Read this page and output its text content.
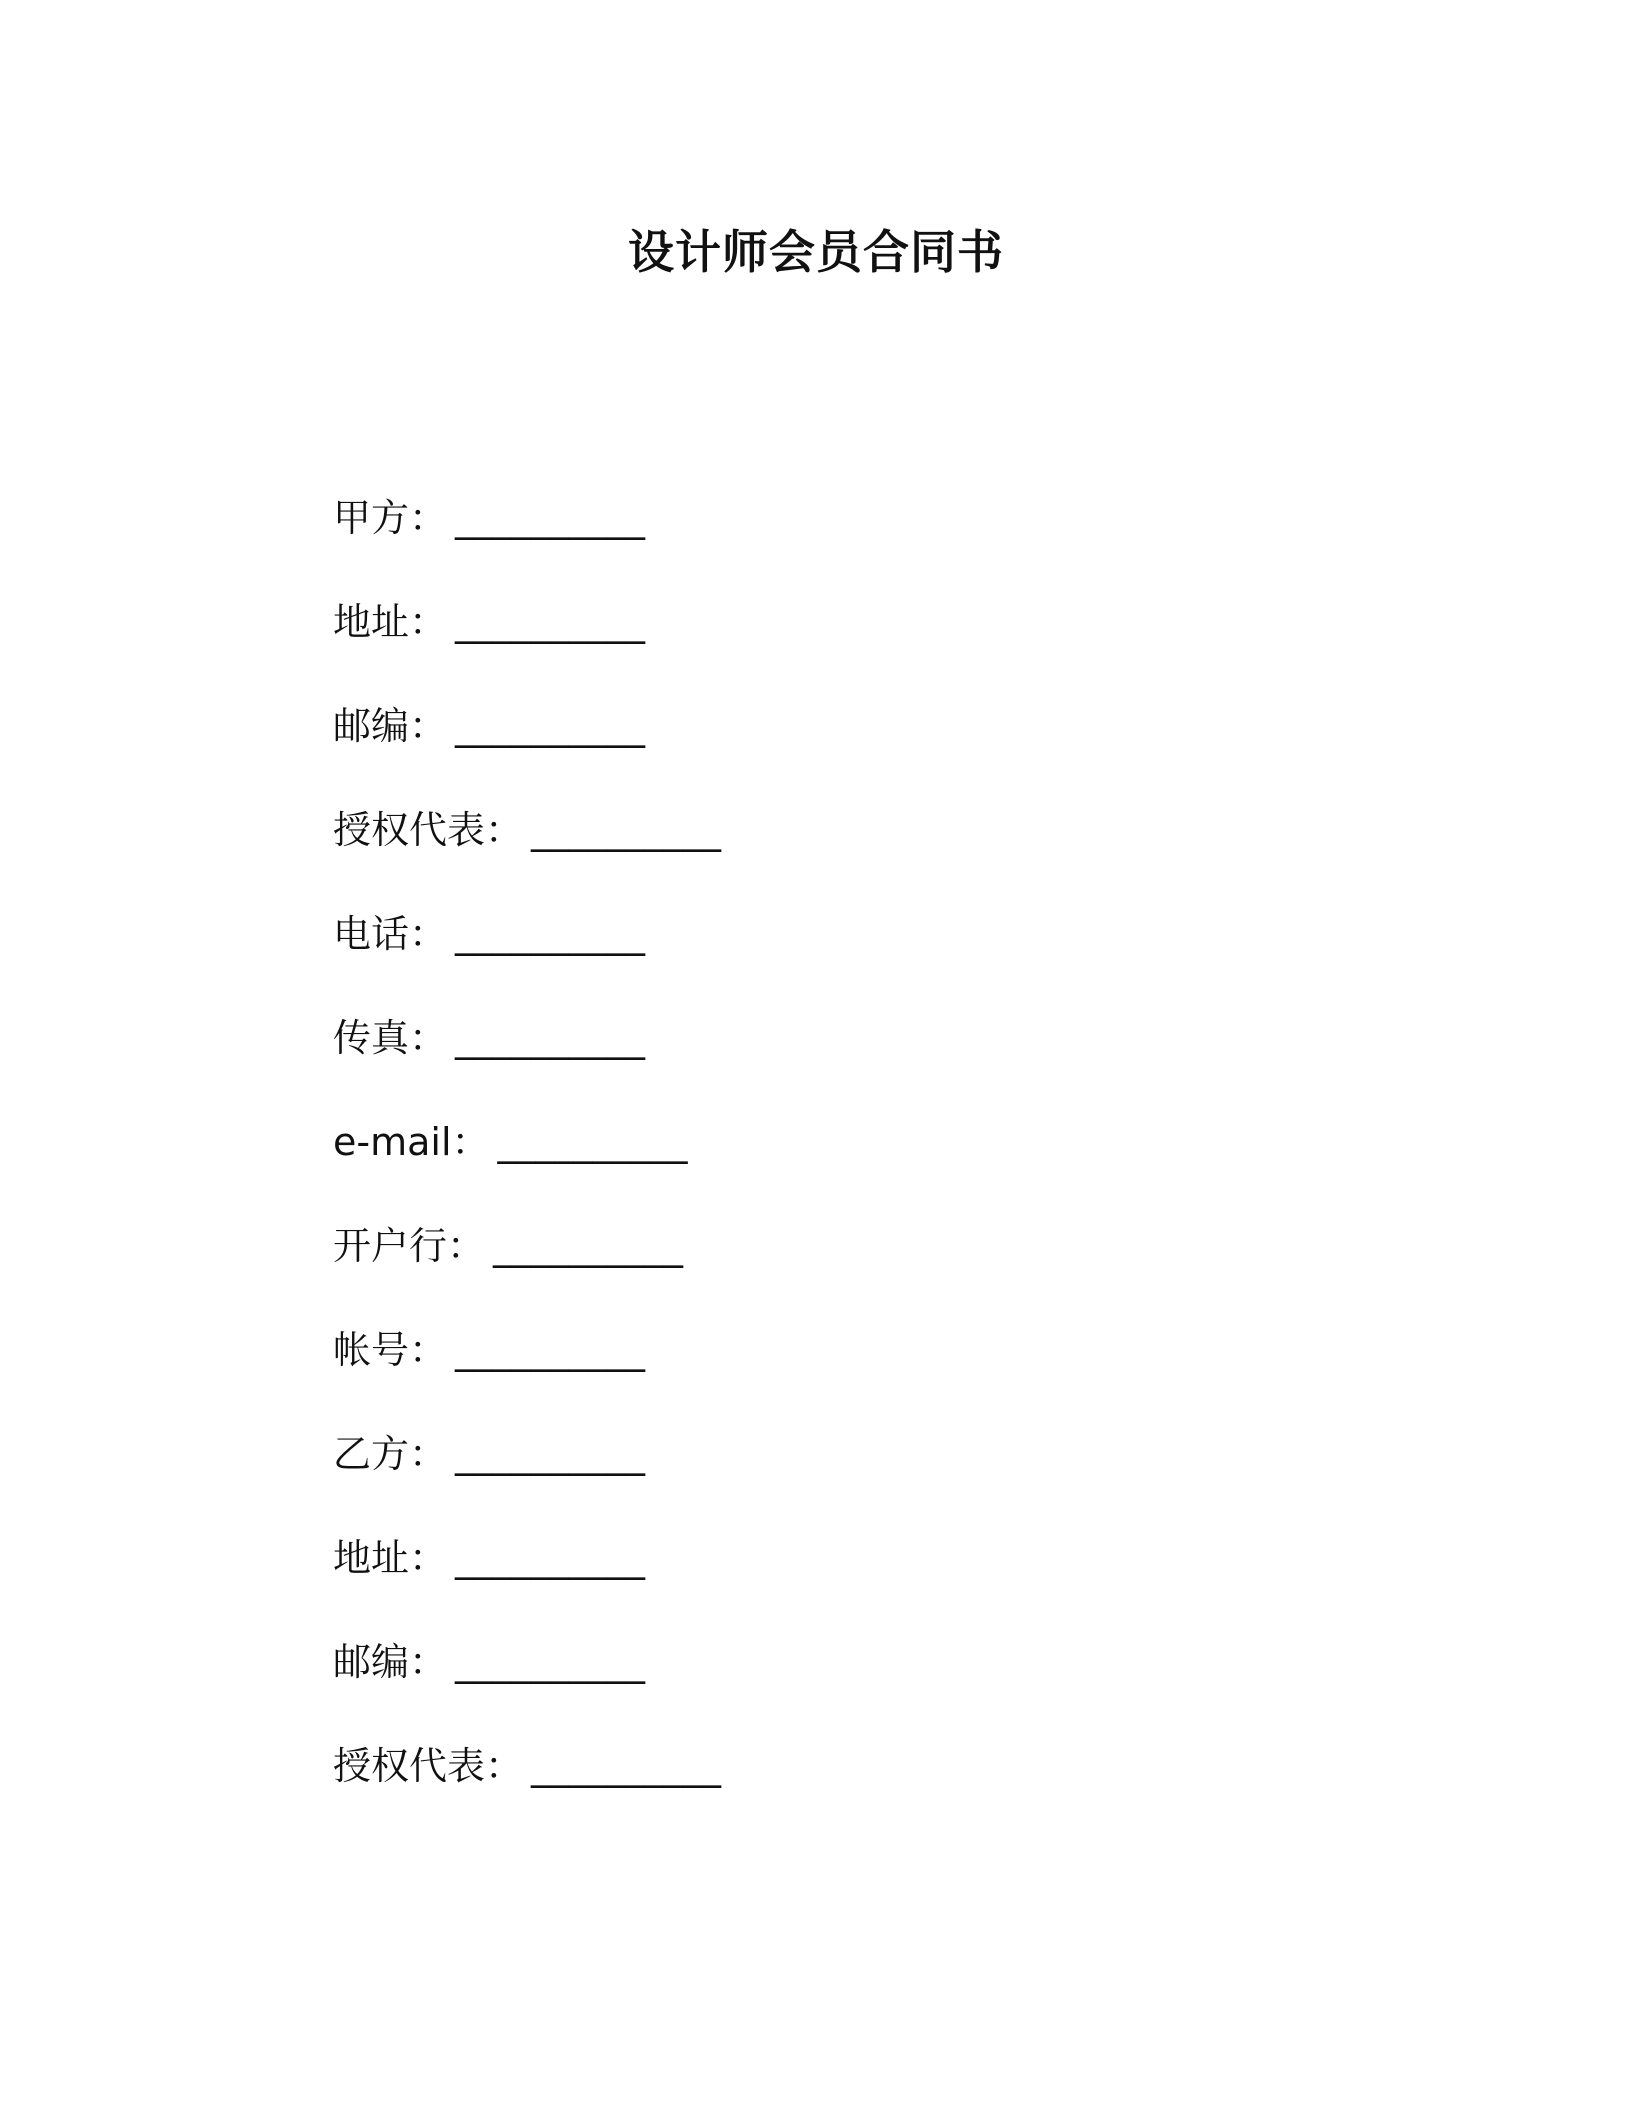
设计师会员合同书
甲方： __________
地址： __________
邮编： __________
授权代表： __________
电话： __________
传真： __________
e-mail： __________
开户行： __________
帐号： __________
乙方： __________
地址： __________
邮编： __________
授权代表： __________
